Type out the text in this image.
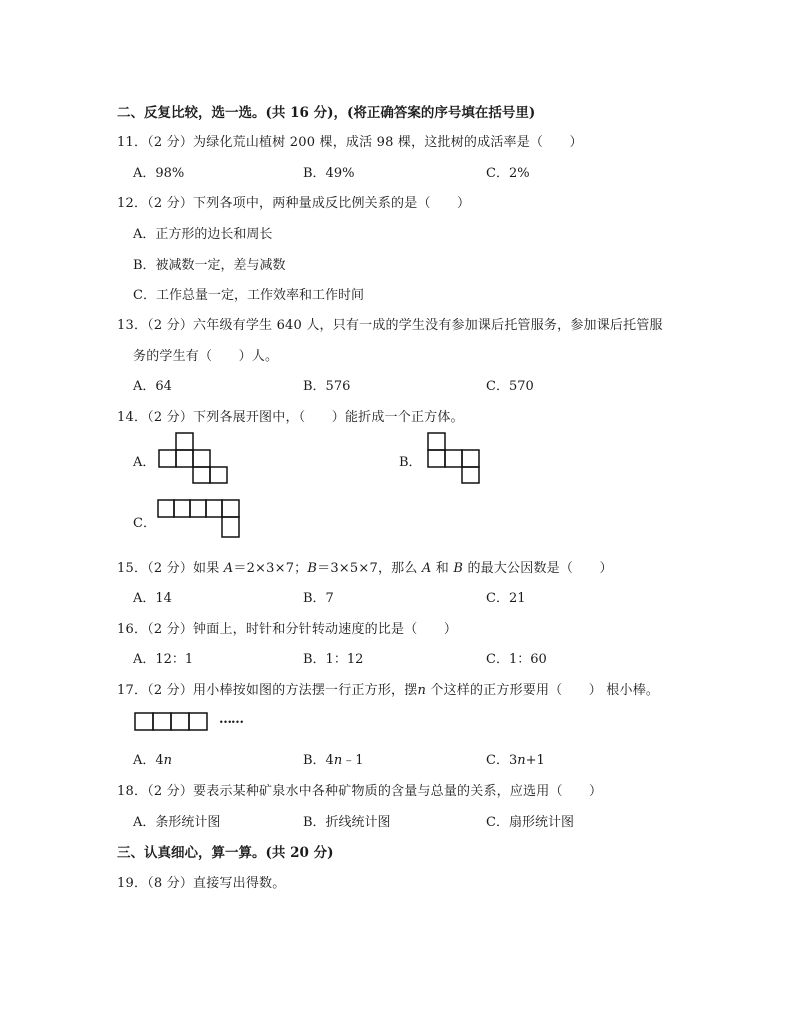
二、反复比较，选一选。(共 16 分)，(将正确答案的序号填在括号里)
11．（2 分）为绿化荒山植树 200 棵，成活 98 棵，这批树的成活率是（　　）
A．98%	B．49%	C．2%
12．（2 分）下列各项中，两种量成反比例关系的是（　　）
A．正方形的边长和周长
B．被减数一定，差与减数
C．工作总量一定，工作效率和工作时间
13．（2 分）六年级有学生 640 人，只有一成的学生没有参加课后托管服务，参加课后托管服
务的学生有（　　）人。
A．64	B．576	C．570
14．（2 分）下列各展开图中，（　　）能折成一个正方体。
A．	B．
C．
15．（2 分）如果 A＝2×3×7；B＝3×5×7，那么 A 和 B 的最大公因数是（　　）
A．14	B．7	C．21
16．（2 分）钟面上，时针和分针转动速度的比是（　　）
A．12：1	B．1：12	C．1：60
17．（2 分）用小棒按如图的方法摆一行正方形，摆n 个这样的正方形要用（　　） 根小棒。
……
A．4n	B．4n﹣1	C．3n+1
18．（2 分）要表示某种矿泉水中各种矿物质的含量与总量的关系，应选用（　　）
A．条形统计图	B．折线统计图	C．扇形统计图
三、认真细心，算一算。(共 20 分)
19．（8 分）直接写出得数。
